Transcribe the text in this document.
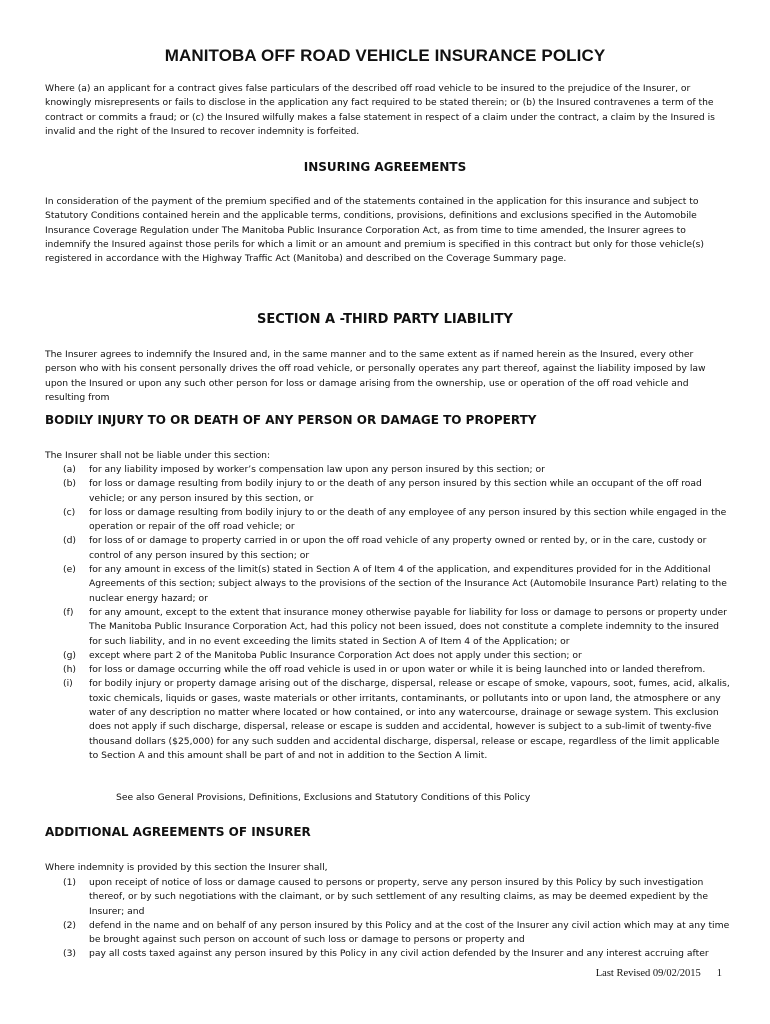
MANITOBA OFF ROAD VEHICLE INSURANCE POLICY

Where (a) an applicant for a contract gives false particulars of the described off road vehicle to be insured to the prejudice of the Insurer, or knowingly misrepresents or fails to disclose in the application any fact required to be stated therein; or (b) the Insured contravenes a term of the contract or commits a fraud; or (c) the Insured wilfully makes a false statement in respect of a claim under the contract, a claim by the Insured is invalid and the right of the Insured to recover indemnity is forfeited.

INSURING AGREEMENTS

In consideration of the payment of the premium specified and of the statements contained in the application for this insurance and subject to Statutory Conditions contained herein and the applicable terms, conditions, provisions, definitions and exclusions specified in the Automobile Insurance Coverage Regulation under The Manitoba Public Insurance Corporation Act, as from time to time amended, the Insurer agrees to indemnify the Insured against those perils for which a limit or an amount and premium is specified in this contract but only for those vehicle(s) registered in accordance with the Highway Traffic Act (Manitoba) and described on the Coverage Summary page.

SECTION A -THIRD PARTY LIABILITY

The Insurer agrees to indemnify the Insured and, in the same manner and to the same extent as if named herein as the Insured, every other person who with his consent personally drives the off road vehicle, or personally operates any part thereof, against the liability imposed by law upon the Insured or upon any such other person for loss or damage arising from the ownership, use or operation of the off road vehicle and resulting from

BODILY INJURY TO OR DEATH OF ANY PERSON OR DAMAGE TO PROPERTY
The Insurer shall not be liable under this section:
(a)	for any liability imposed by worker’s compensation law upon any person insured by this section; or
(b)	for loss or damage resulting from bodily injury to or the death of any person insured by this section while an occupant of the off road vehicle; or any person insured by this section, or
(c)	for loss or damage resulting from bodily injury to or the death of any employee of any person insured by this section while engaged in the operation or repair of the off road vehicle; or
(d)	for loss of or damage to property carried in or upon the off road vehicle of any property owned or rented by, or in the care, custody or control of any person insured by this section; or
(e)	for any amount in excess of the limit(s) stated in Section A of Item 4 of the application, and expenditures provided for in the Additional Agreements of this section; subject always to the provisions of the section of the Insurance Act (Automobile Insurance Part) relating to the nuclear energy hazard; or
(f)	for any amount, except to the extent that insurance money otherwise payable for liability for loss or damage to persons or property under The Manitoba Public Insurance Corporation Act, had this policy not been issued, does not constitute a complete indemnity to the insured for such liability, and in no event exceeding the limits stated in Section A of Item 4 of the Application; or
(g)	except where part 2 of the Manitoba Public Insurance Corporation Act does not apply under this section; or
(h)	for loss or damage occurring while the off road vehicle is used in or upon water or while it is being launched into or landed therefrom.
(i)	for bodily injury or property damage arising out of the discharge, dispersal, release or escape of smoke, vapours, soot, fumes, acid, alkalis, toxic chemicals, liquids or gases, waste materials or other irritants, contaminants, or pollutants into or upon land, the atmosphere or any water of any description no matter where located or how contained, or into any watercourse, drainage or sewage system. This exclusion does not apply if such discharge, dispersal, release or escape is sudden and accidental, however is subject to a sub-limit of twenty-five thousand dollars ($25,000) for any such sudden and accidental discharge, dispersal, release or escape, regardless of the limit applicable to Section A and this amount shall be part of and not in addition to the Section A limit.
See also General Provisions, Definitions, Exclusions and Statutory Conditions of this Policy
ADDITIONAL AGREEMENTS OF INSURER
Where indemnity is provided by this section the Insurer shall,
(1)	upon receipt of notice of loss or damage caused to persons or property, serve any person insured by this Policy by such investigation thereof, or by such negotiations with the claimant, or by such settlement of any resulting claims, as may be deemed expedient by the Insurer; and
(2)	defend in the name and on behalf of any person insured by this Policy and at the cost of the Insurer any civil action which may at any time be brought against such person on account of such loss or damage to persons or property and
(3)	pay all costs taxed against any person insured by this Policy in any civil action defended by the Insurer and any interest accruing after
Last Revised 09/02/2015 1
